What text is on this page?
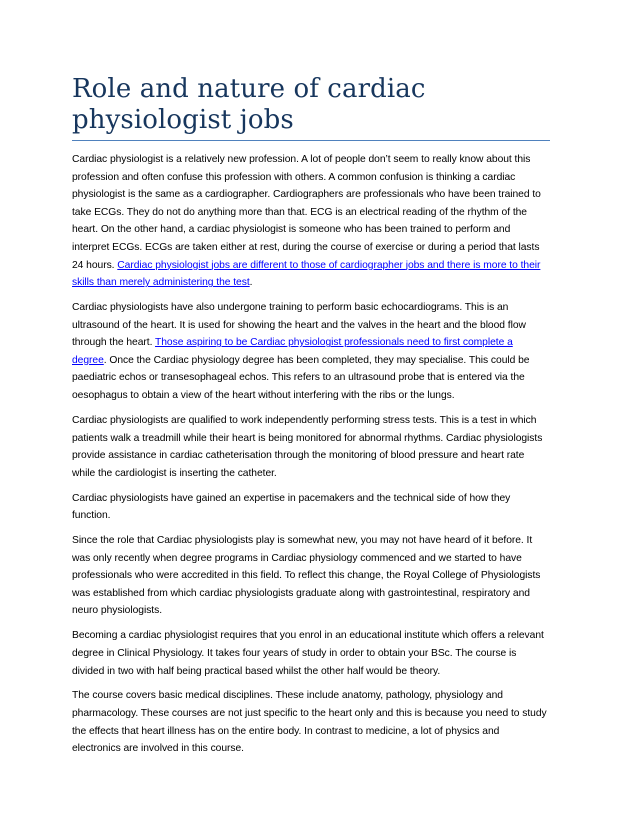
Role and nature of cardiac physiologist jobs

Cardiac physiologist is a relatively new profession. A lot of people don’t seem to really know about this profession and often confuse this profession with others. A common confusion is thinking a cardiac physiologist is the same as a cardiographer. Cardiographers are professionals who have been trained to take ECGs. They do not do anything more than that. ECG is an electrical reading of the rhythm of the heart. On the other hand, a cardiac physiologist is someone who has been trained to perform and interpret ECGs. ECGs are taken either at rest, during the course of exercise or during a period that lasts 24 hours. Cardiac physiologist jobs are different to those of cardiographer jobs and there is more to their skills than merely administering the test.

Cardiac physiologists have also undergone training to perform basic echocardiograms. This is an ultrasound of the heart. It is used for showing the heart and the valves in the heart and the blood flow through the heart. Those aspiring to be Cardiac physiologist professionals need to first complete a degree. Once the Cardiac physiology degree has been completed, they may specialise. This could be paediatric echos or transesophageal echos. This refers to an ultrasound probe that is entered via the oesophagus to obtain a view of the heart without interfering with the ribs or the lungs.

Cardiac physiologists are qualified to work independently performing stress tests. This is a test in which patients walk a treadmill while their heart is being monitored for abnormal rhythms. Cardiac physiologists provide assistance in cardiac catheterisation through the monitoring of blood pressure and heart rate while the cardiologist is inserting the catheter.

Cardiac physiologists have gained an expertise in pacemakers and the technical side of how they function.

Since the role that Cardiac physiologists play is somewhat new, you may not have heard of it before. It was only recently when degree programs in Cardiac physiology commenced and we started to have professionals who were accredited in this field. To reflect this change, the Royal College of Physiologists was established from which cardiac physiologists graduate along with gastrointestinal, respiratory and neuro physiologists.

Becoming a cardiac physiologist requires that you enrol in an educational institute which offers a relevant degree in Clinical Physiology. It takes four years of study in order to obtain your BSc. The course is divided in two with half being practical based whilst the other half would be theory.

The course covers basic medical disciplines. These include anatomy, pathology, physiology and pharmacology. These courses are not just specific to the heart only and this is because you need to study the effects that heart illness has on the entire body. In contrast to medicine, a lot of physics and electronics are involved in this course.
